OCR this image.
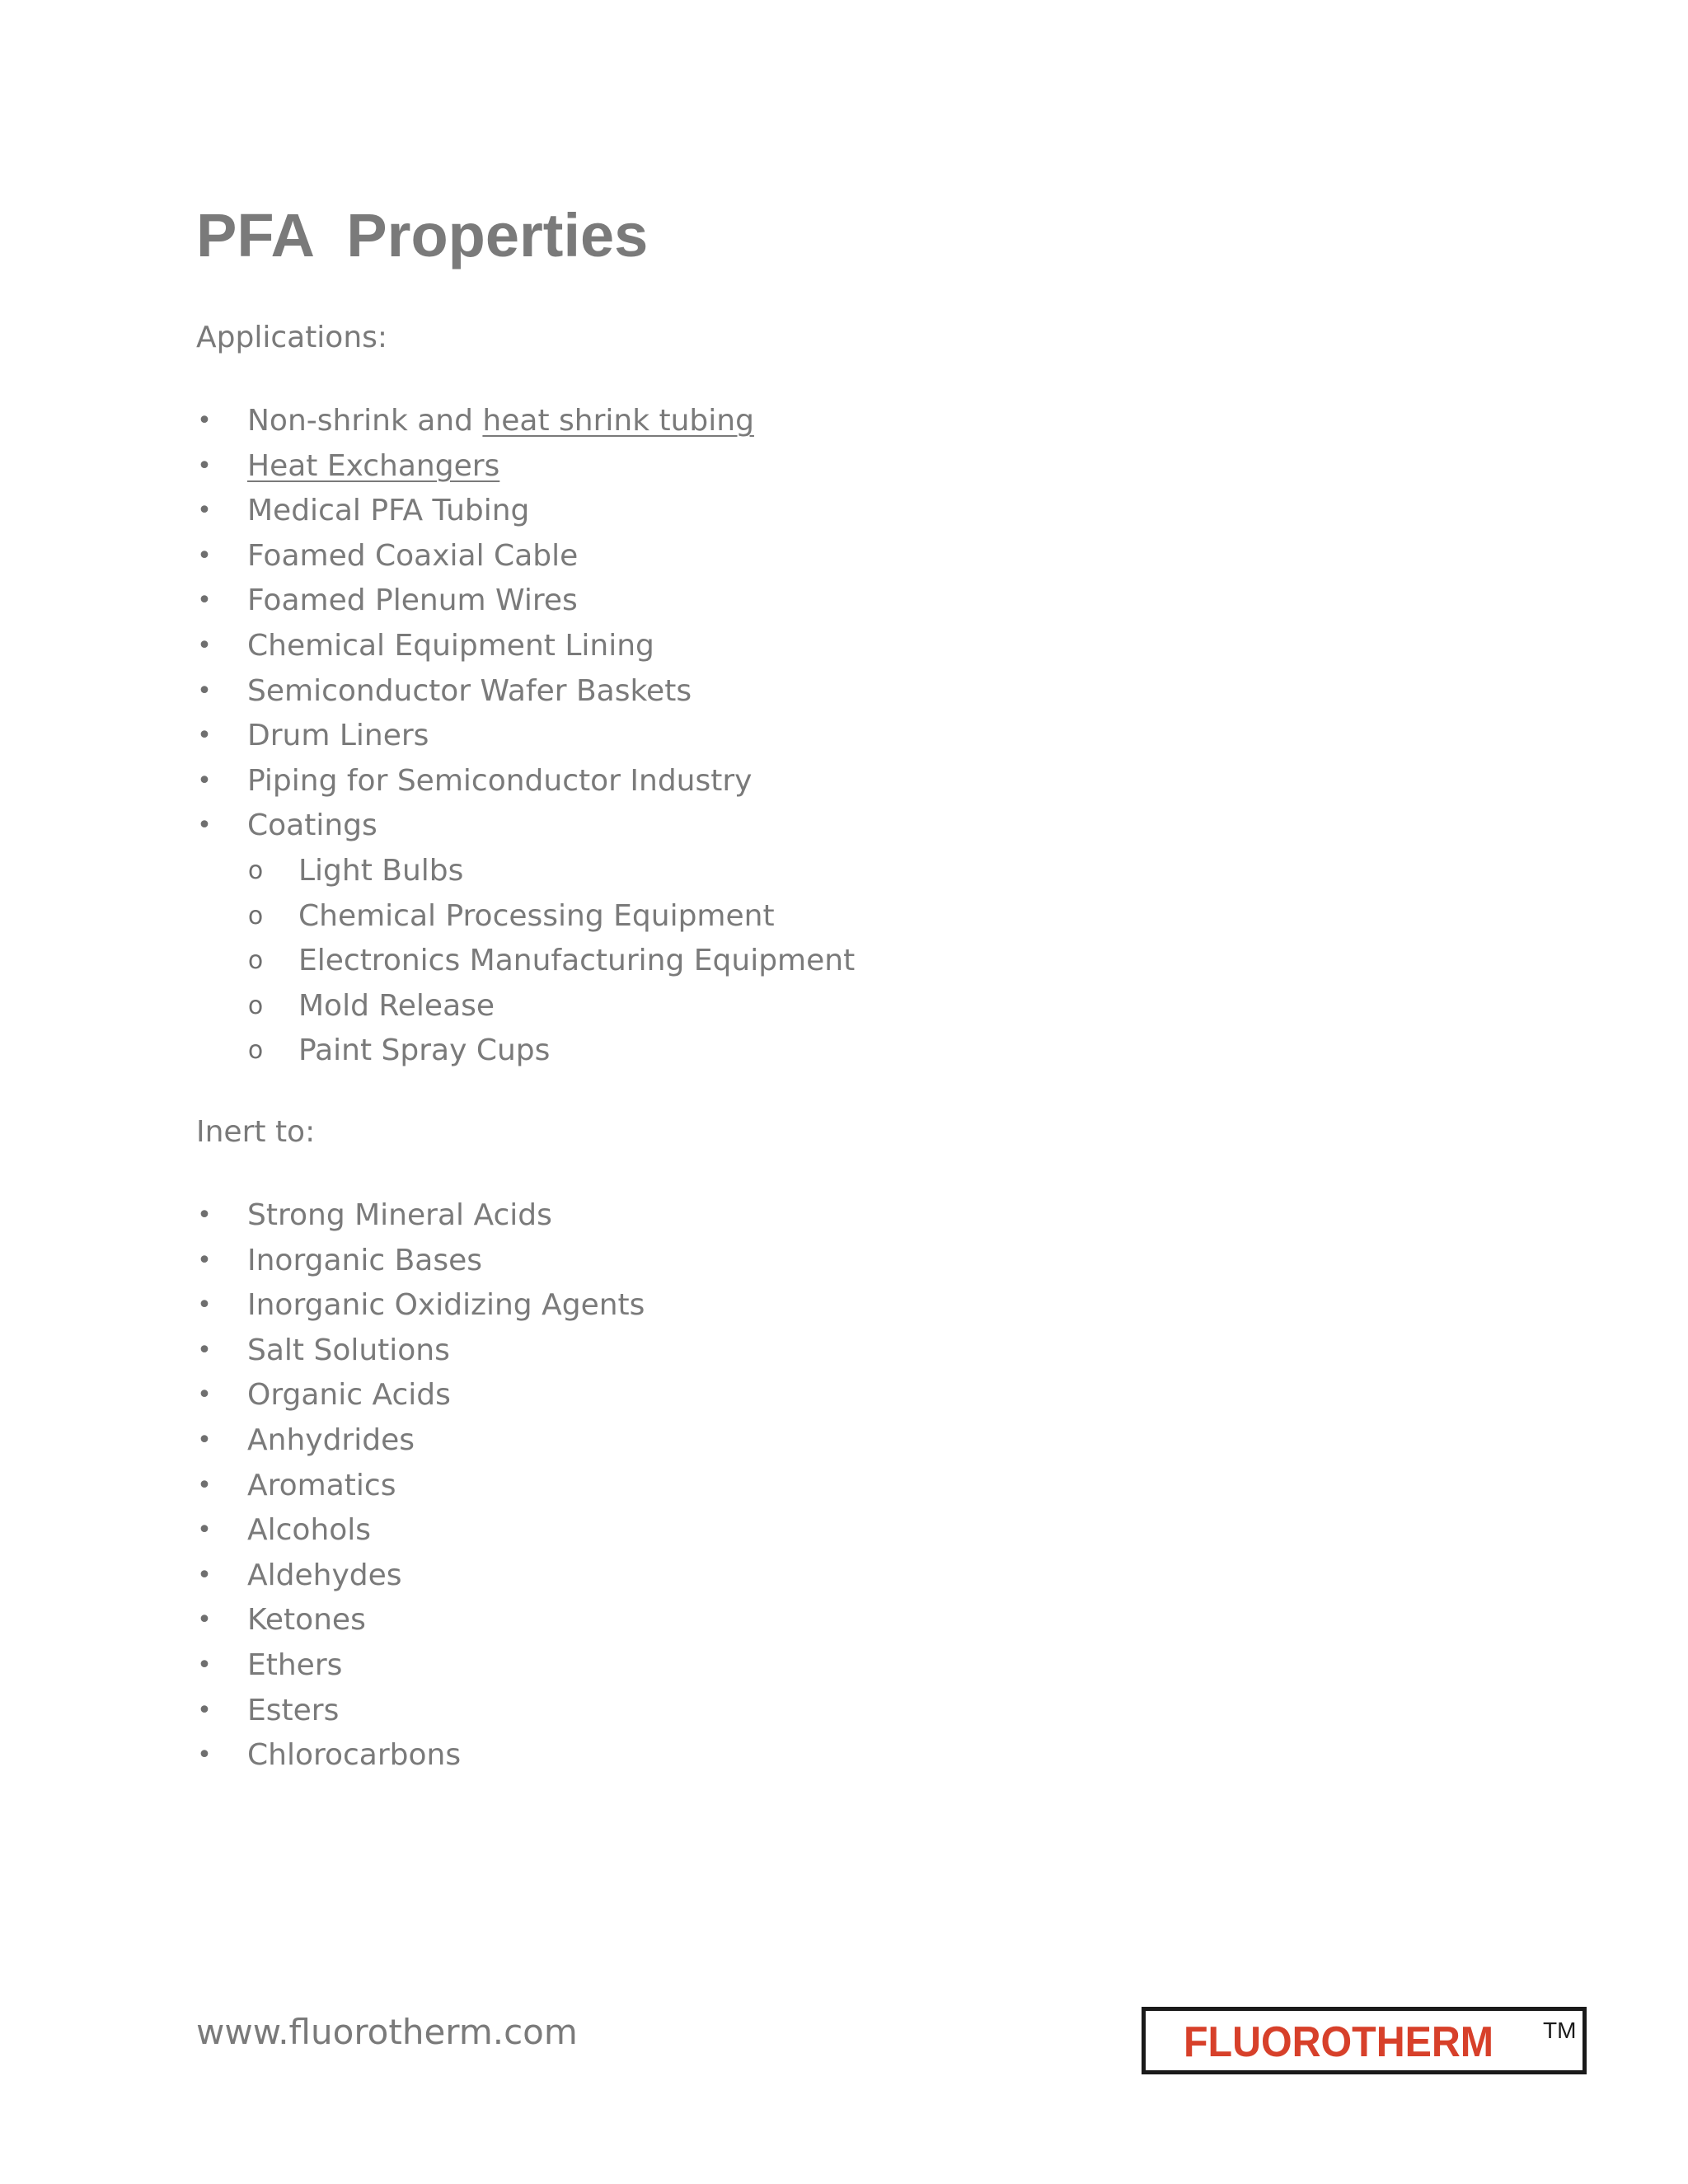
PFA  Properties

Applications:

• Non-shrink and heat shrink tubing
• Heat Exchangers
• Medical PFA Tubing
• Foamed Coaxial Cable
• Foamed Plenum Wires
• Chemical Equipment Lining
• Semiconductor Wafer Baskets
• Drum Liners
• Piping for Semiconductor Industry
• Coatings
o Light Bulbs
o Chemical Processing Equipment
o Electronics Manufacturing Equipment
o Mold Release
o Paint Spray Cups

Inert to:

• Strong Mineral Acids
• Inorganic Bases
• Inorganic Oxidizing Agents
• Salt Solutions
• Organic Acids
• Anhydrides
• Aromatics
• Alcohols
• Aldehydes
• Ketones
• Ethers
• Esters
• Chlorocarbons
www.fluorotherm.com	FLUOROTHERM TM
